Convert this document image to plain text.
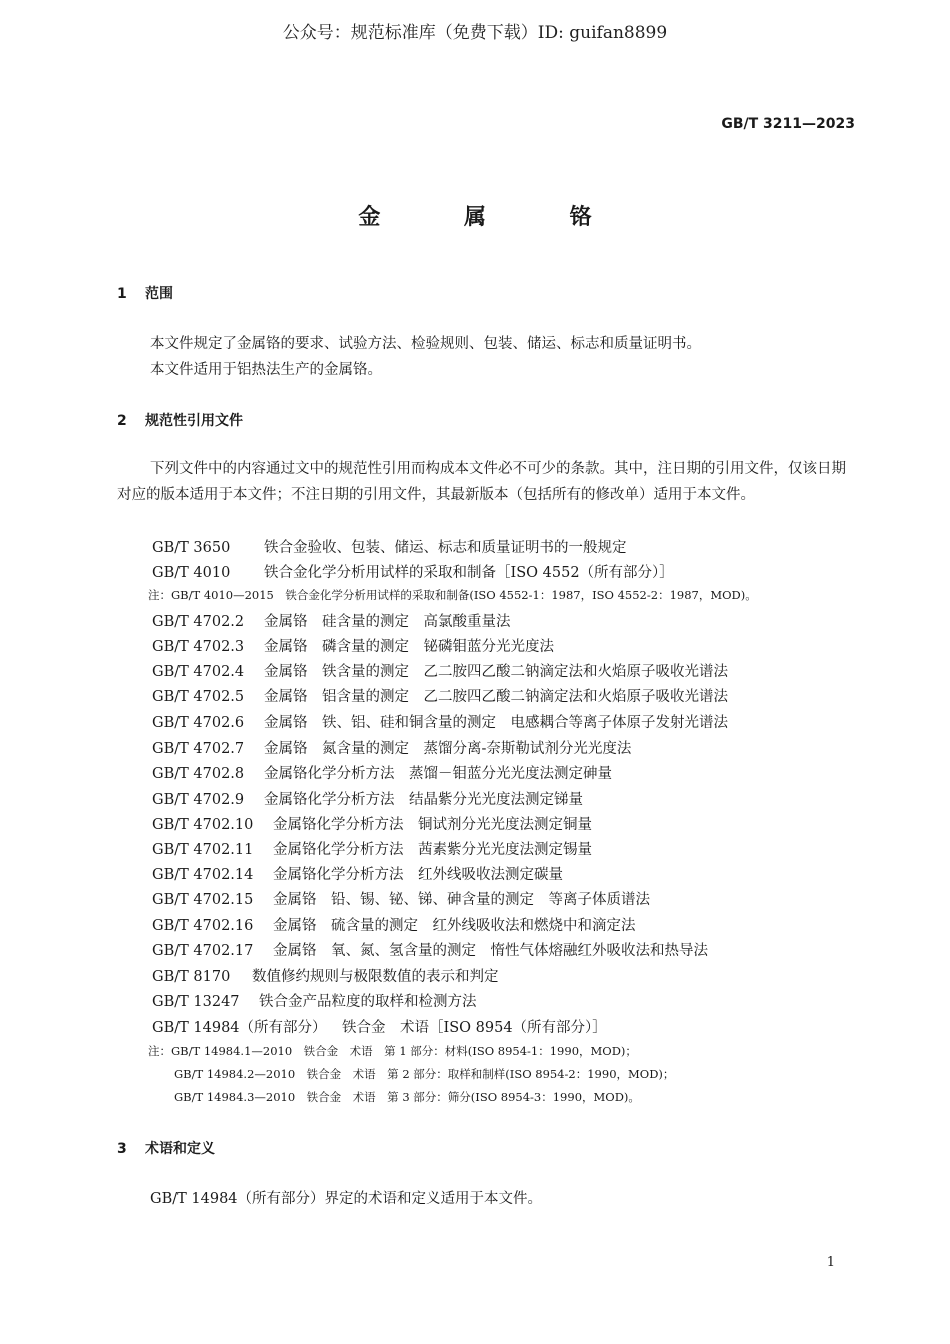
公众号：规范标准库（免费下载）ID: guifan8899
GB/T 3211—2023
金 属 铬
1 范围
本文件规定了金属铬的要求、试验方法、检验规则、包装、储运、标志和质量证明书。
本文件适用于铝热法生产的金属铬。
2 规范性引用文件
下列文件中的内容通过文中的规范性引用而构成本文件必不可少的条款。其中，注日期的引用文件，仅该日期对应的版本适用于本文件；不注日期的引用文件，其最新版本（包括所有的修改单）适用于本文件。
GB/T 3650 铁合金验收、包装、储运、标志和质量证明书的一般规定
GB/T 4010 铁合金化学分析用试样的采取和制备［ISO 4552（所有部分）］
注：GB/T 4010—2015　铁合金化学分析用试样的采取和制备(ISO 4552-1：1987，ISO 4552-2：1987，MOD)。
GB/T 4702.2 金属铬　硅含量的测定　高氯酸重量法
GB/T 4702.3 金属铬　磷含量的测定　铋磷钼蓝分光光度法
GB/T 4702.4 金属铬　铁含量的测定　乙二胺四乙酸二钠滴定法和火焰原子吸收光谱法
GB/T 4702.5 金属铬　铝含量的测定　乙二胺四乙酸二钠滴定法和火焰原子吸收光谱法
GB/T 4702.6 金属铬　铁、铝、硅和铜含量的测定　电感耦合等离子体原子发射光谱法
GB/T 4702.7 金属铬　氮含量的测定　蒸馏分离-奈斯勒试剂分光光度法
GB/T 4702.8 金属铬化学分析方法　蒸馏－钼蓝分光光度法测定砷量
GB/T 4702.9 金属铬化学分析方法　结晶紫分光光度法测定锑量
GB/T 4702.10 金属铬化学分析方法　铜试剂分光光度法测定铜量
GB/T 4702.11 金属铬化学分析方法　茜素紫分光光度法测定锡量
GB/T 4702.14 金属铬化学分析方法　红外线吸收法测定碳量
GB/T 4702.15 金属铬　铅、锡、铋、锑、砷含量的测定　等离子体质谱法
GB/T 4702.16 金属铬　硫含量的测定　红外线吸收法和燃烧中和滴定法
GB/T 4702.17 金属铬　氧、氮、氢含量的测定　惰性气体熔融红外吸收法和热导法
GB/T 8170 数值修约规则与极限数值的表示和判定
GB/T 13247 铁合金产品粒度的取样和检测方法
GB/T 14984（所有部分） 铁合金　术语［ISO 8954（所有部分）］
注：GB/T 14984.1—2010　铁合金　术语　第 1 部分：材料(ISO 8954-1：1990，MOD)；
GB/T 14984.2—2010　铁合金　术语　第 2 部分：取样和制样(ISO 8954-2：1990，MOD)；
GB/T 14984.3—2010　铁合金　术语　第 3 部分：筛分(ISO 8954-3：1990，MOD)。
3 术语和定义
GB/T 14984（所有部分）界定的术语和定义适用于本文件。
1
